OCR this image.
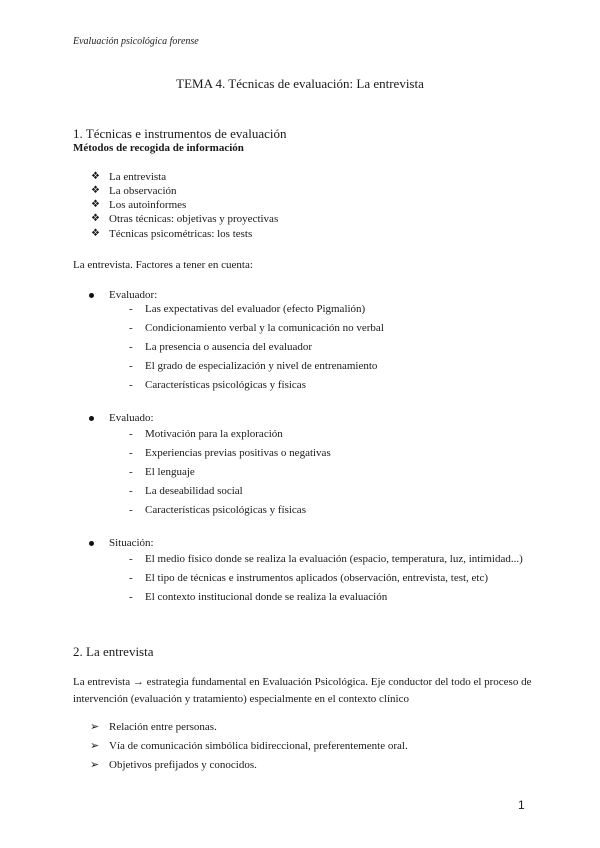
Evaluación psicológica forense
TEMA 4. Técnicas de evaluación: La entrevista
1. Técnicas e instrumentos de evaluación
Métodos de recogida de información
❖ La entrevista
❖ La observación
❖ Los autoinformes
❖ Otras técnicas: objetivas y proyectivas
❖ Técnicas psicométricas: los tests
La entrevista. Factores a tener en cuenta:
Evaluador:
- Las expectativas del evaluador (efecto Pigmalión)
- Condicionamiento verbal y la comunicación no verbal
- La presencia o ausencia del evaluador
- El grado de especialización y nivel de entrenamiento
- Características psicológicas y físicas
Evaluado:
- Motivación para la exploración
- Experiencias previas positivas o negativas
- El lenguaje
- La deseabilidad social
- Características psicológicas y físicas
Situación:
- El medio físico donde se realiza la evaluación (espacio, temperatura, luz, intimidad...)
- El tipo de técnicas e instrumentos aplicados (observación, entrevista, test, etc)
- El contexto institucional donde se realiza la evaluación
2. La entrevista
La entrevista → estrategia fundamental en Evaluación Psicológica. Eje conductor del todo el proceso de intervención (evaluación y tratamiento) especialmente en el contexto clínico
➢ Relación entre personas.
➢ Vía de comunicación simbólica bidireccional, preferentemente oral.
➢ Objetivos prefijados y conocidos.
1
